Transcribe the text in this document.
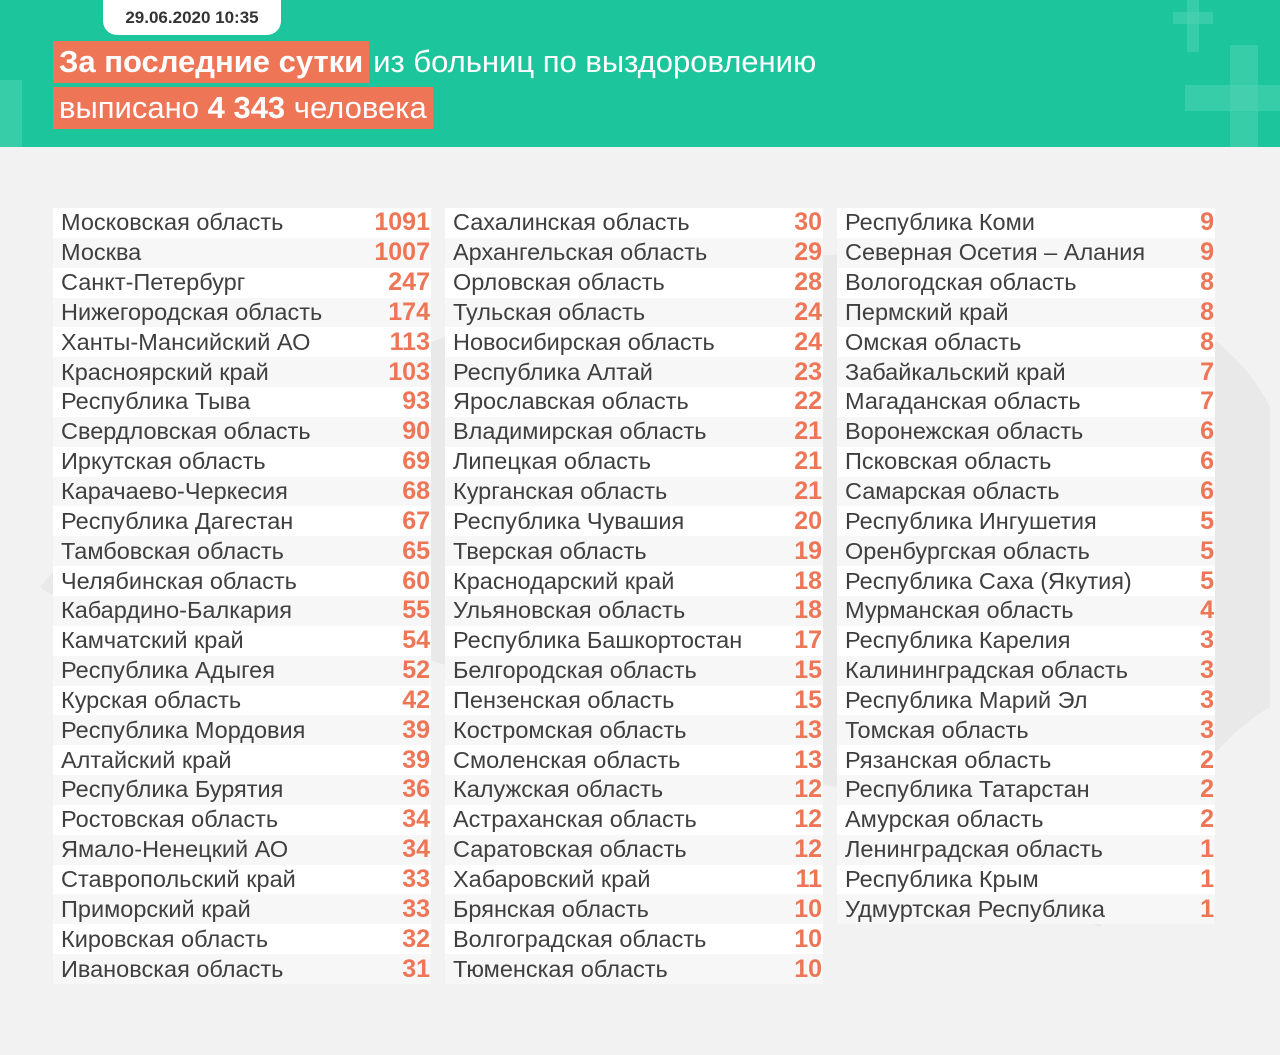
29.06.2020 10:35
За последние сутки из больниц по выздоровлению
выписано 4 343 человека
Московская область	1091
Москва	1007
Санкт-Петербург	247
Нижегородская область	174
Ханты-Мансийский АО	113
Красноярский край	103
Республика Тыва	93
Свердловская область	90
Иркутская область	69
Карачаево-Черкесия	68
Республика Дагестан	67
Тамбовская область	65
Челябинская область	60
Кабардино-Балкария	55
Камчатский край	54
Республика Адыгея	52
Курская область	42
Республика Мордовия	39
Алтайский край	39
Республика Бурятия	36
Ростовская область	34
Ямало-Ненецкий АО	34
Ставропольский край	33
Приморский край	33
Кировская область	32
Ивановская область	31
Сахалинская область	30
Архангельская область	29
Орловская область	28
Тульская область	24
Новосибирская область	24
Республика Алтай	23
Ярославская область	22
Владимирская область	21
Липецкая область	21
Курганская область	21
Республика Чувашия	20
Тверская область	19
Краснодарский край	18
Ульяновская область	18
Республика Башкортостан 17
Белгородская область	15
Пензенская область	15
Костромская область	13
Смоленская область	13
Калужская область	12
Астраханская область	12
Саратовская область	12
Хабаровский край	11
Брянская область	10
Волгоградская область	10
Тюменская область	10
Республика Коми	9
Северная Осетия – Алания 9
Вологодская область	8
Пермский край	8
Омская область	8
Забайкальский край	7
Магаданская область	7
Воронежская область	6
Псковская область	6
Самарская область	6
Республика Ингушетия	5
Оренбургская область	5
Республика Саха (Якутия)	5
Мурманская область	4
Республика Карелия	3
Калининградская область	3
Республика Марий Эл	3
Томская область	3
Рязанская область	2
Республика Татарстан	2
Амурская область	2
Ленинградская область	1
Республика Крым	1
Удмуртская Республика	1
